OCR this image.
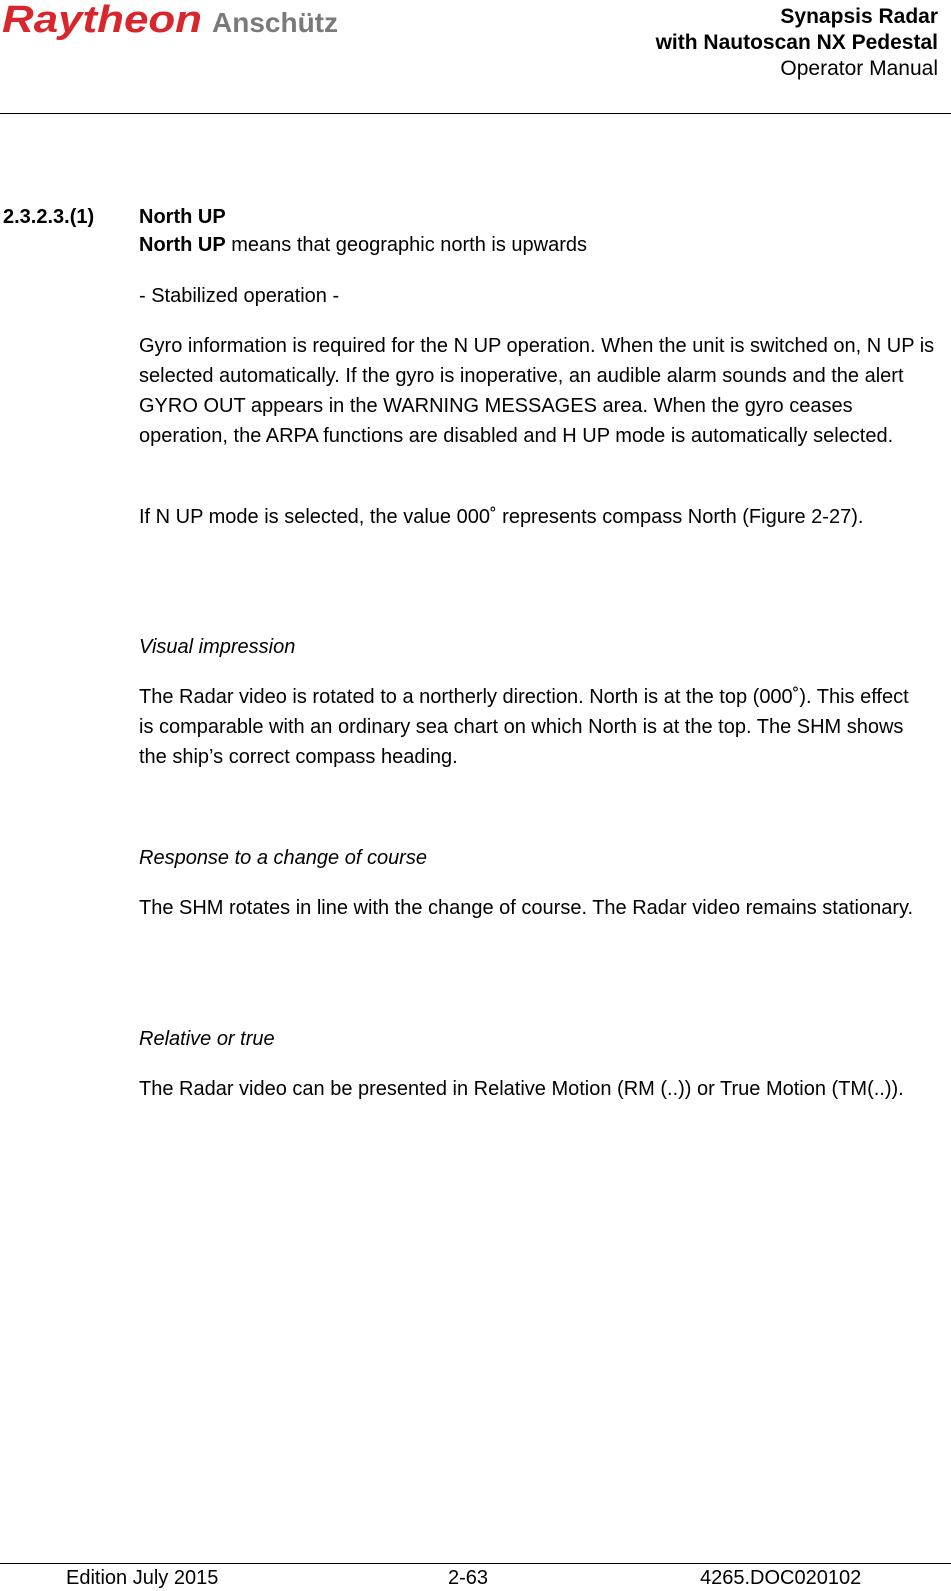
Raytheon Anschütz	Synapsis Radar
with Nautoscan NX Pedestal
Operator Manual
2.3.2.3.(1) North UP

North UP means that geographic north is upwards

- Stabilized operation -

Gyro information is required for the N UP operation. When the unit is switched on, N UP is selected automatically. If the gyro is inoperative, an audible alarm sounds and the alert GYRO OUT appears in the WARNING MESSAGES area. When the gyro ceases operation, the ARPA functions are disabled and H UP mode is automatically selected.

If N UP mode is selected, the value 000˚ represents compass North (Figure 2-27).

Visual impression

The Radar video is rotated to a northerly direction. North is at the top (000˚). This effect is comparable with an ordinary sea chart on which North is at the top. The SHM shows the ship’s correct compass heading.

Response to a change of course

The SHM rotates in line with the change of course. The Radar video remains stationary.

Relative or true

The Radar video can be presented in Relative Motion (RM (..)) or True Motion (TM(..)).

Edition July 2015	2-63	4265.DOC020102
